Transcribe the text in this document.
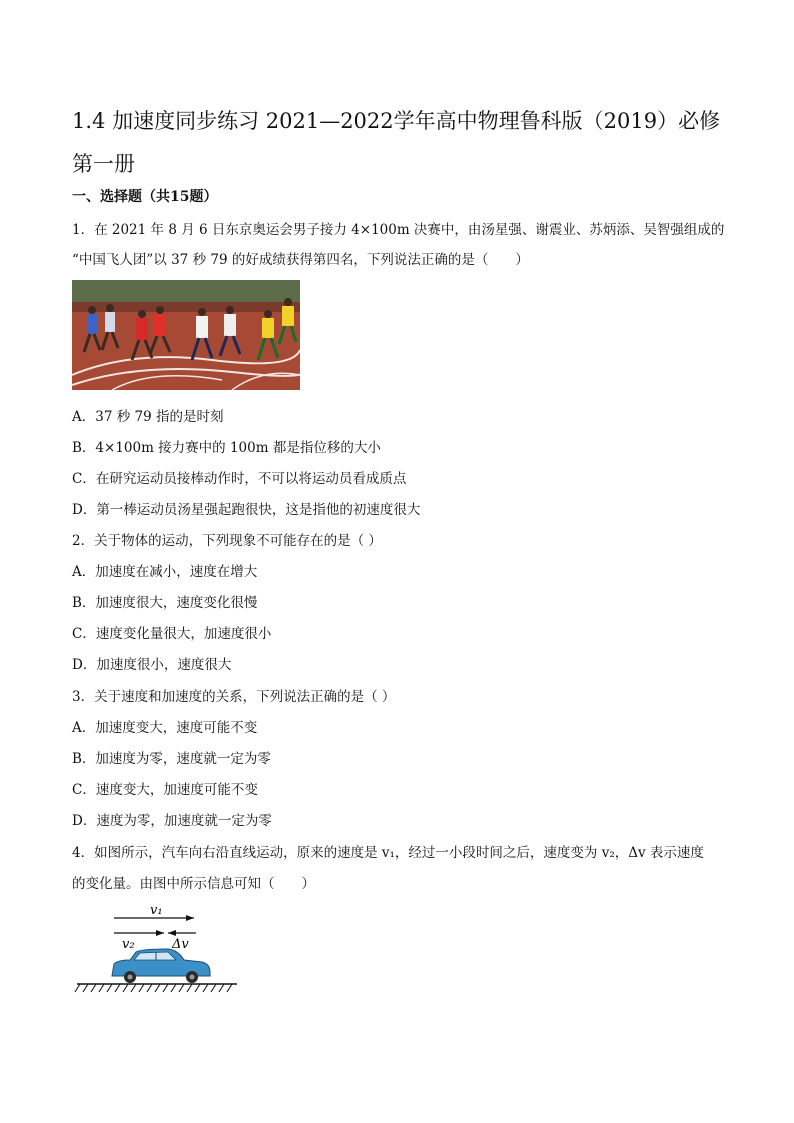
1.4 加速度同步练习 2021—2022学年高中物理鲁科版（2019）必修第一册
一、选择题（共15题）
1．在 2021 年 8 月 6 日东京奥运会男子接力 4×100m 决赛中，由汤星强、谢震业、苏炳添、吴智强组成的
“中国飞人团”以 37 秒 79 的好成绩获得第四名，下列说法正确的是（　　）
A．37 秒 79 指的是时刻
B．4×100m 接力赛中的 100m 都是指位移的大小
C．在研究运动员接棒动作时，不可以将运动员看成质点
D．第一棒运动员汤星强起跑很快，这是指他的初速度很大
2．关于物体的运动，下列现象不可能存在的是（ ）
A．加速度在减小，速度在增大
B．加速度很大，速度变化很慢
C．速度变化量很大，加速度很小
D．加速度很小，速度很大
3．关于速度和加速度的关系，下列说法正确的是（ ）
A．加速度变大，速度可能不变
B．加速度为零，速度就一定为零
C．速度变大，加速度可能不变
D．速度为零，加速度就一定为零
4．如图所示，汽车向右沿直线运动，原来的速度是 v₁，经过一小段时间之后，速度变为 v₂，Δv 表示速度
的变化量。由图中所示信息可知（　　）
v₁
v₂	Δv
